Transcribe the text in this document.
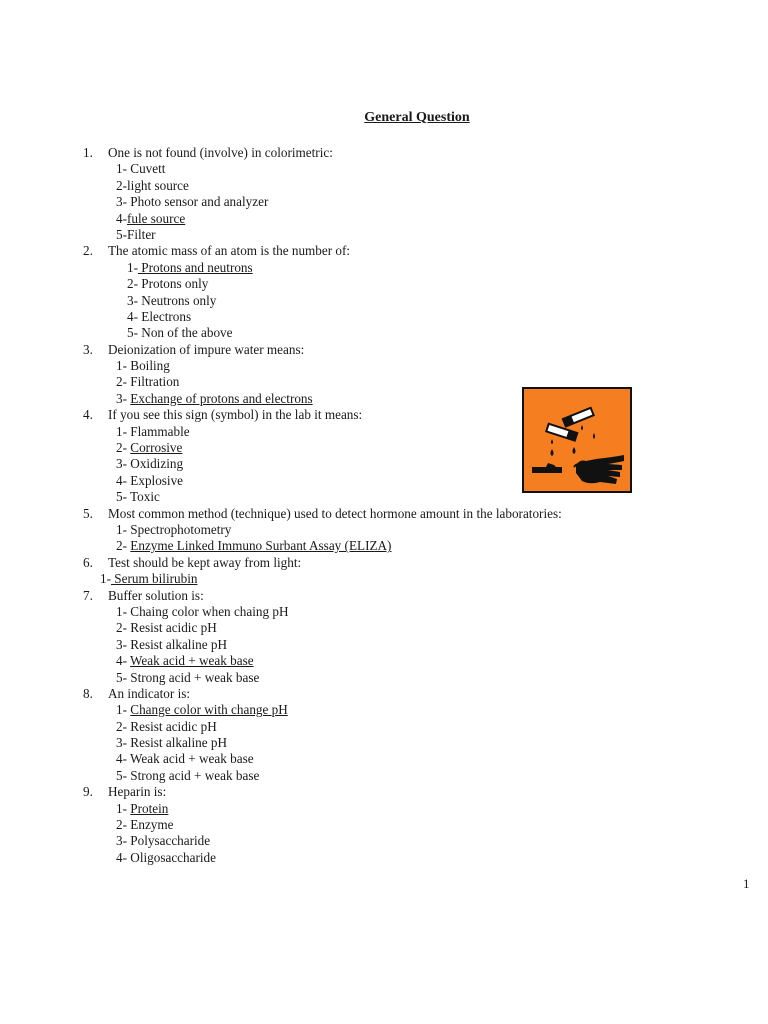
General Question
1. One is not found (involve) in colorimetric:
1- Cuvett
2-light source
3- Photo sensor and analyzer
4-fule source
5-Filter
2. The atomic mass of an atom is the number of:
1- Protons and neutrons
2- Protons only
3- Neutrons only
4- Electrons
5- Non of the above
3. Deionization of impure water means:
1- Boiling
2- Filtration
3- Exchange of protons and electrons
4. If you see this sign (symbol) in the lab it means:
1- Flammable
2- Corrosive
3- Oxidizing
4- Explosive
5- Toxic
5. Most common method (technique) used to detect hormone amount in the laboratories:
1- Spectrophotometry
2- Enzyme Linked Immuno Surbant Assay (ELIZA)
6. Test should be kept away from light:
1- Serum bilirubin
7. Buffer solution is:
1- Chaing color when chaing pH
2- Resist acidic pH
3- Resist alkaline pH
4- Weak acid + weak base
5- Strong acid + weak base
8. An indicator is:
1- Change color with change pH
2- Resist acidic pH
3- Resist alkaline pH
4- Weak acid + weak base
5- Strong acid + weak base
9. Heparin is:
1- Protein
2- Enzyme
3- Polysaccharide
4- Oligosaccharide
1
